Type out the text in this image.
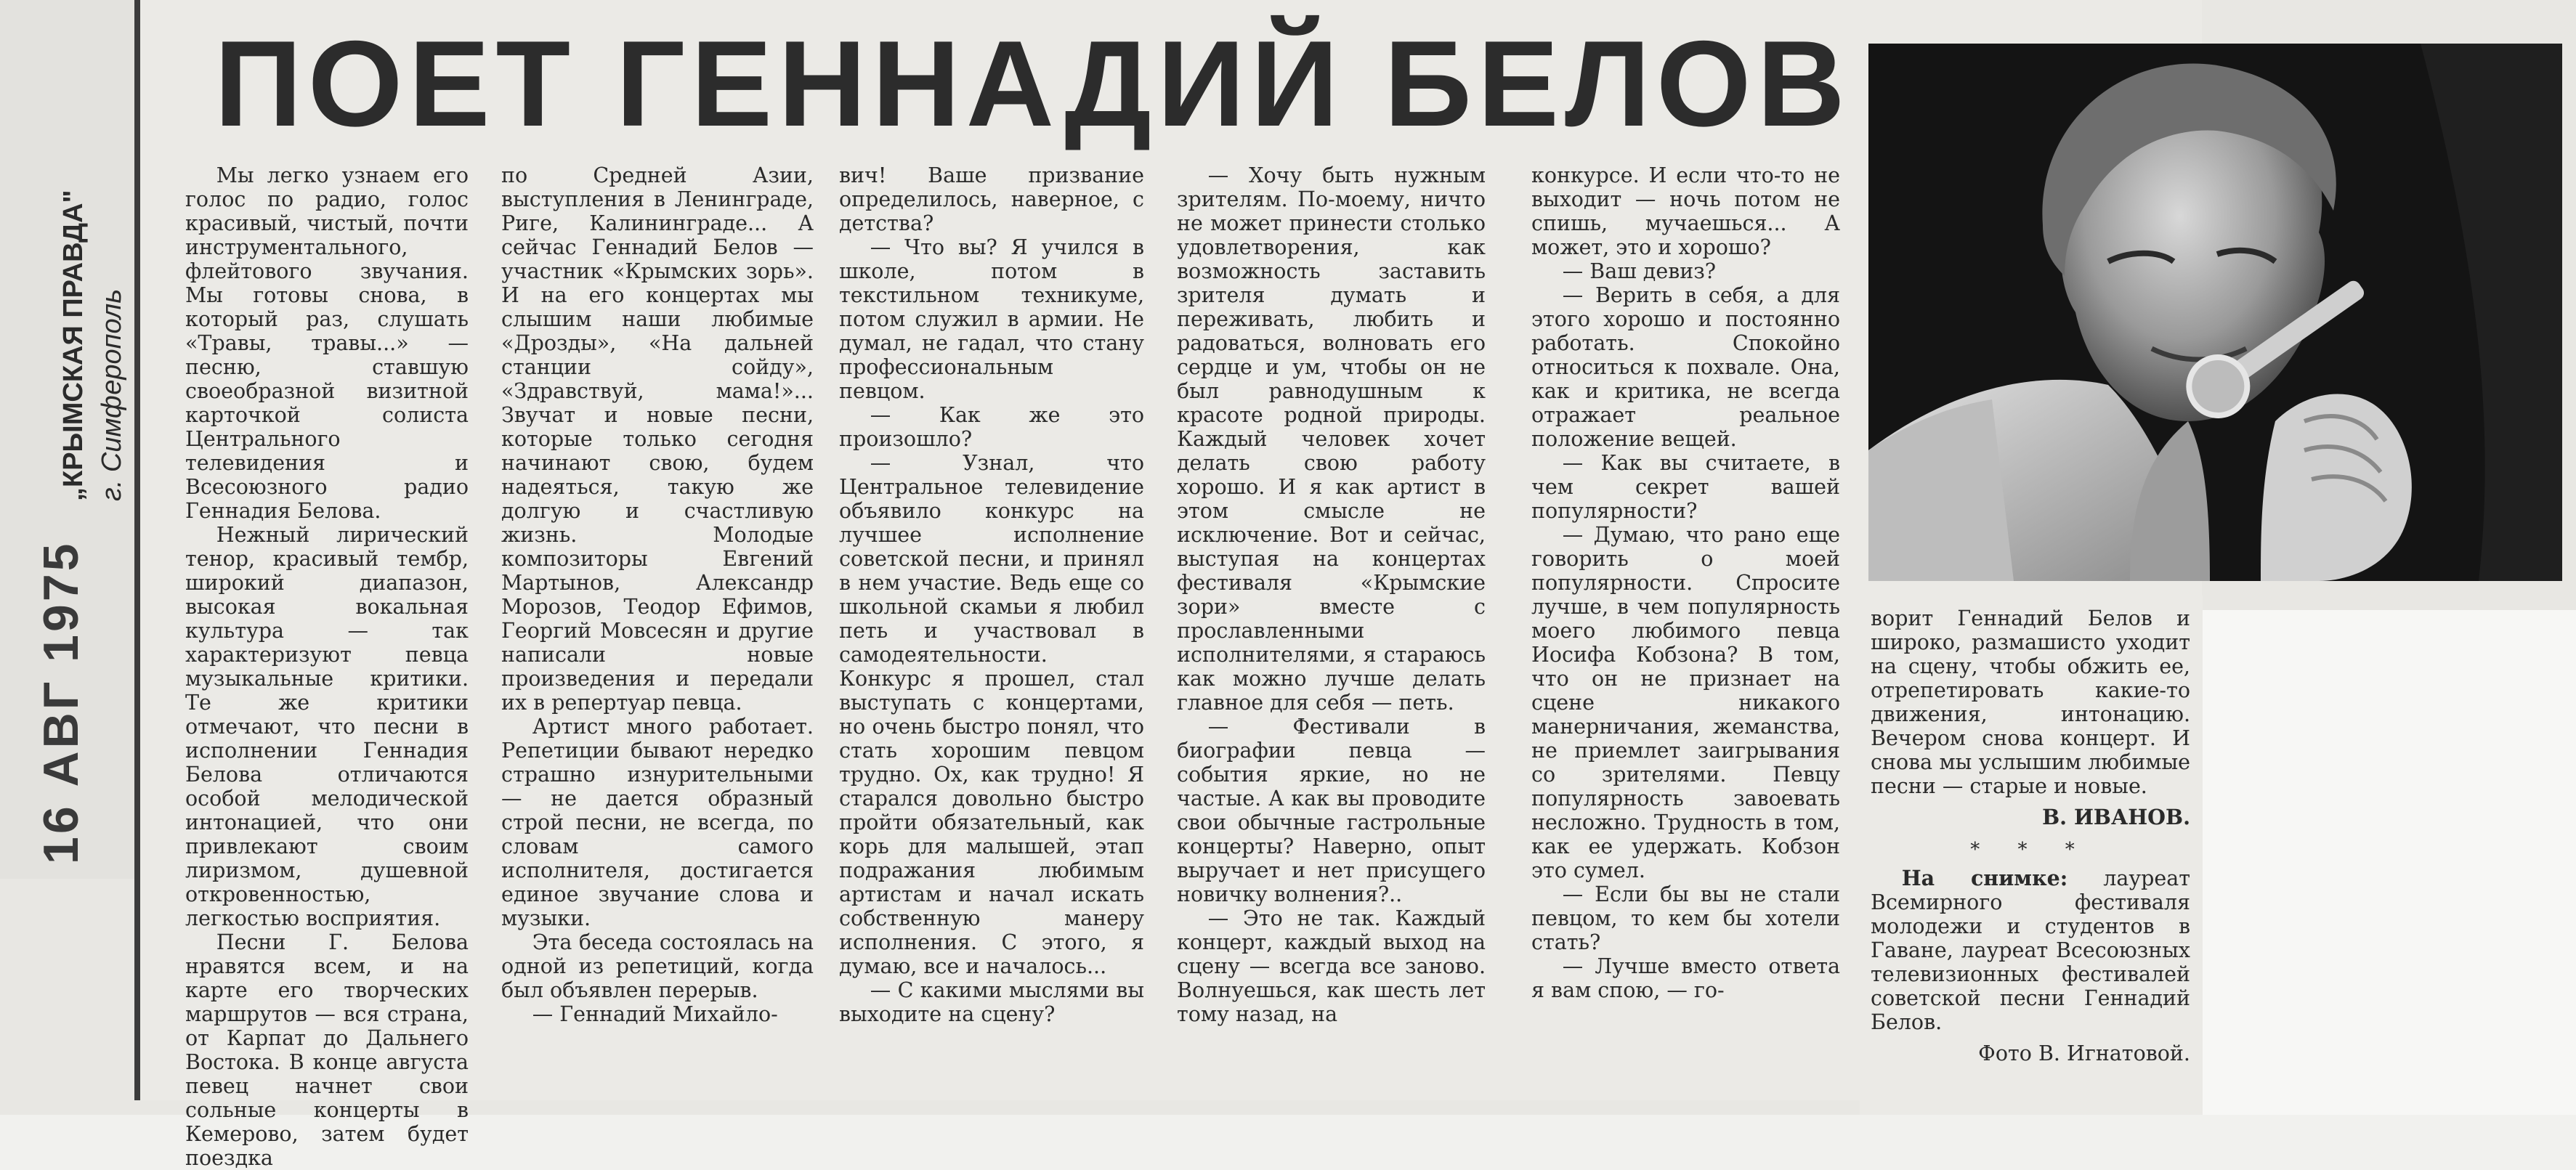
„КРЫМСКАЯ ПРАВДА" г. Симферополь
16 АВГ 1975
ПОЕТ ГЕННАДИЙ БЕЛОВ

Мы легко узнаем его голос по радио, голос красивый, чистый, почти инструментального, флейтового звучания. Мы готовы снова, в который раз, слушать «Травы, травы...» — песню, ставшую своеобразной визитной карточкой солиста Центрального телевидения и Всесоюзного радио Геннадия Белова.

Нежный лирический тенор, красивый тембр, широкий диапазон, высокая вокальная культура — так характеризуют певца музыкальные критики. Те же критики отмечают, что песни в исполнении Геннадия Белова отличаются особой мелодической интонацией, что они привлекают своим лиризмом, душевной откровенностью, легкостью восприятия.

Песни Г. Белова нравятся всем, и на карте его творческих маршрутов — вся страна, от Карпат до Дальнего Востока. В конце августа певец начнет свои сольные концерты в Кемерово, затем будет поездка

по Средней Азии, выступления в Ленинграде, Риге, Калининграде... А сейчас Геннадий Белов — участник «Крымских зорь». И на его концертах мы слышим наши любимые «Дрозды», «На дальней станции сойду», «Здравствуй, мама!»... Звучат и новые песни, которые только сегодня начинают свою, будем надеяться, такую же долгую и счастливую жизнь. Молодые композиторы Евгений Мартынов, Александр Морозов, Теодор Ефимов, Георгий Мовсесян и другие написали новые произведения и передали их в репертуар певца.

Артист много работает. Репетиции бывают нередко страшно изнурительными — не дается образный строй песни, не всегда, по словам самого исполнителя, достигается единое звучание слова и музыки.

Эта беседа состоялась на одной из репетиций, когда был объявлен перерыв.

— Геннадий Михайло-

вич! Ваше призвание определилось, наверное, с детства?

— Что вы? Я учился в школе, потом в текстильном техникуме, потом служил в армии. Не думал, не гадал, что стану профессиональным певцом.

— Как же это произошло?

— Узнал, что Центральное телевидение объявило конкурс на лучшее исполнение советской песни, и принял в нем участие. Ведь еще со школьной скамьи я любил петь и участвовал в самодеятельности. Конкурс я прошел, стал выступать с концертами, но очень быстро понял, что стать хорошим певцом трудно. Ох, как трудно! Я старался довольно быстро пройти обязательный, как корь для малышей, этап подражания любимым артистам и начал искать собственную манеру исполнения. С этого, я думаю, все и началось...

— С какими мыслями вы выходите на сцену?

— Хочу быть нужным зрителям. По-моему, ничто не может принести столько удовлетворения, как возможность заставить зрителя думать и переживать, любить и радоваться, волновать его сердце и ум, чтобы он не был равнодушным к красоте родной природы. Каждый человек хочет делать свою работу хорошо. И я как артист в этом смысле не исключение. Вот и сейчас, выступая на концертах фестиваля «Крымские зори» вместе с прославленными исполнителями, я стараюсь как можно лучше делать главное для себя — петь.

— Фестивали в биографии певца — события яркие, но не частые. А как вы проводите свои обычные гастрольные концерты? Наверно, опыт выручает и нет присущего новичку волнения?..

— Это не так. Каждый концерт, каждый выход на сцену — всегда все заново. Волнуешься, как шесть лет тому назад, на

конкурсе. И если что-то не выходит — ночь потом не спишь, мучаешься... А может, это и хорошо?

— Ваш девиз?

— Верить в себя, а для этого хорошо и постоянно работать. Спокойно относиться к похвале. Она, как и критика, не всегда отражает реальное положение вещей.

— Как вы считаете, в чем секрет вашей популярности?

— Думаю, что рано еще говорить о моей популярности. Спросите лучше, в чем популярность моего любимого певца Иосифа Кобзона? В том, что он не признает на сцене никакого манерничания, жеманства, не приемлет заигрывания со зрителями. Певцу популярность завоевать несложно. Трудность в том, как ее удержать. Кобзон это сумел.

— Если бы вы не стали певцом, то кем бы хотели стать?

— Лучше вместо ответа я вам спою, — го-

ворит Геннадий Белов и широко, размашисто уходит на сцену, чтобы обжить ее, отрепетировать какие-то движения, интонацию. Вечером снова концерт. И снова мы услышим любимые песни — старые и новые.

В. ИВАНОВ.
* * *

На снимке: лауреат Всемирного фестиваля молодежи и студентов в Гаване, лауреат Всесоюзных телевизионных фестивалей советской песни Геннадий Белов.

Фото В. Игнатовой.
